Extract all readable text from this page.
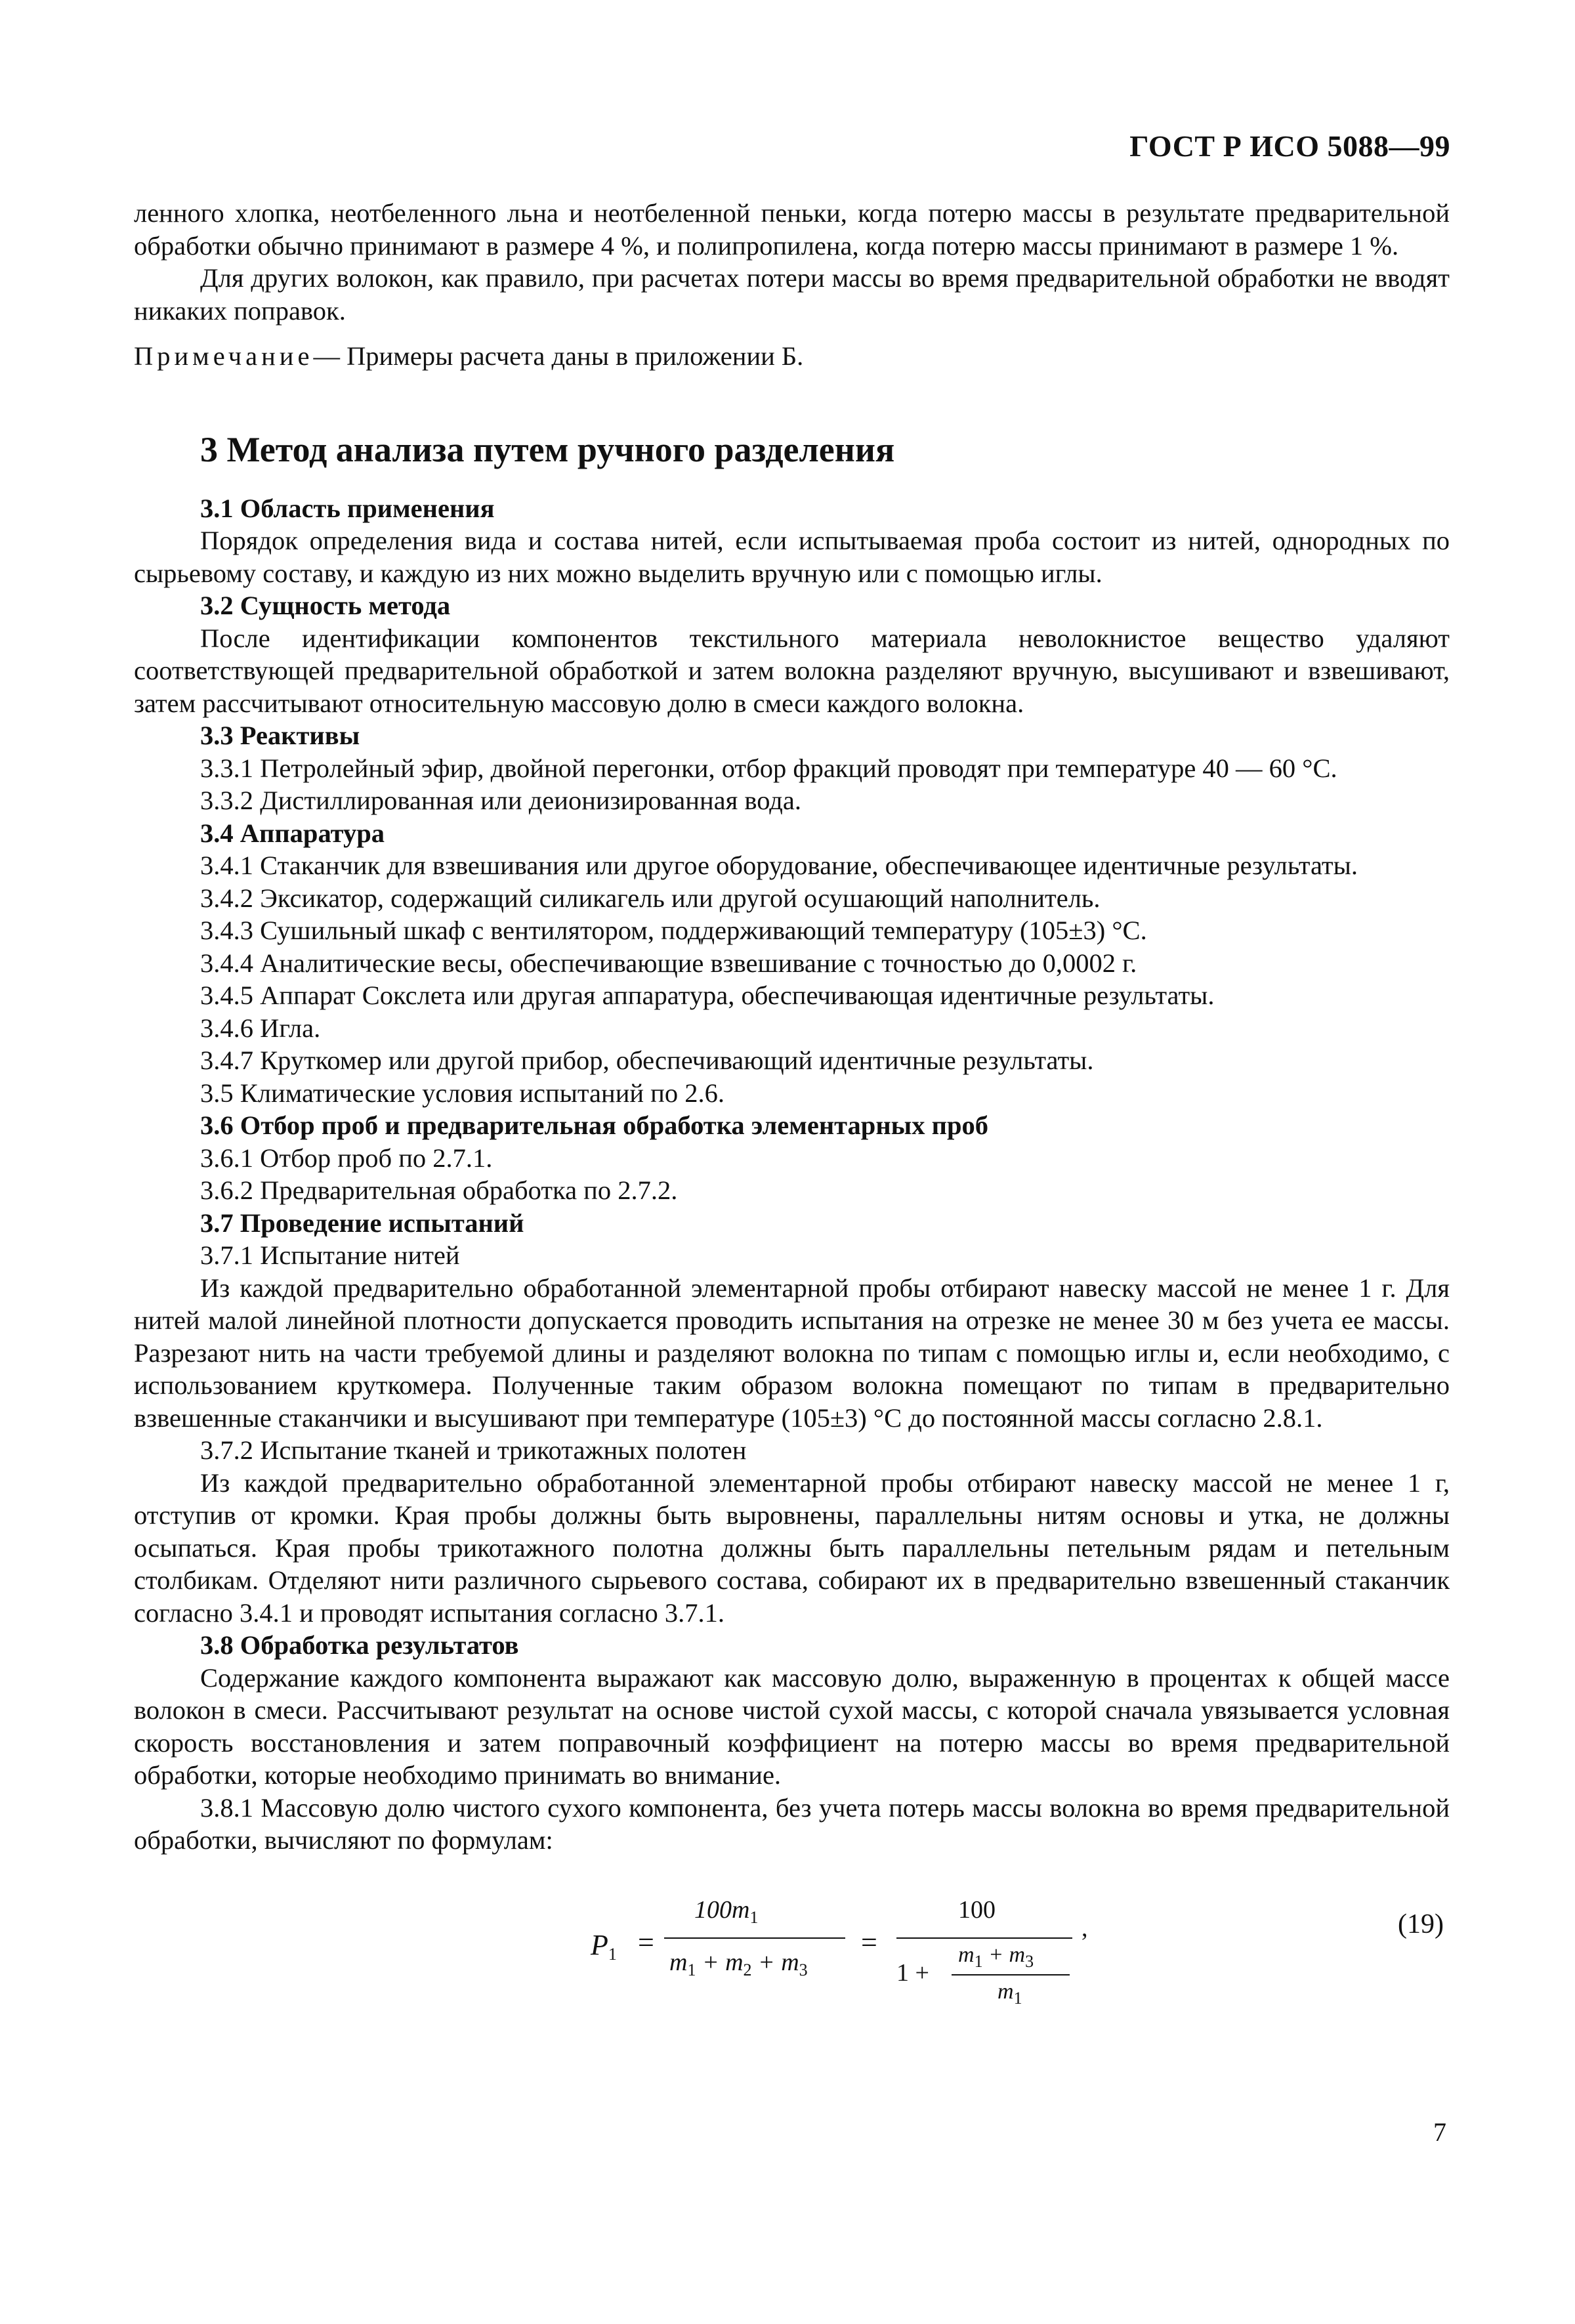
ГОСТ Р ИСО 5088—99

ленного хлопка, неотбеленного льна и неотбеленной пеньки, когда потерю массы в результате предварительной обработки обычно принимают в размере 4 %, и полипропилена, когда потерю массы принимают в размере 1 %.

Для других волокон, как правило, при расчетах потери массы во время предварительной обработки не вводят никаких поправок.

Примечание— Примеры расчета даны в приложении Б.

3 Метод анализа путем ручного разделения

3.1 Область применения

Порядок определения вида и состава нитей, если испытываемая проба состоит из нитей, однородных по сырьевому составу, и каждую из них можно выделить вручную или с помощью иглы.

3.2 Сущность метода

После идентификации компонентов текстильного материала неволокнистое вещество удаляют соответствующей предварительной обработкой и затем волокна разделяют вручную, высушивают и взвешивают, затем рассчитывают относительную массовую долю в смеси каждого волокна.

3.3 Реактивы

3.3.1 Петролейный эфир, двойной перегонки, отбор фракций проводят при температуре 40 — 60 °С.

3.3.2 Дистиллированная или деионизированная вода.

3.4 Аппаратура

3.4.1 Стаканчик для взвешивания или другое оборудование, обеспечивающее идентичные результаты.

3.4.2 Эксикатор, содержащий силикагель или другой осушающий наполнитель.

3.4.3 Сушильный шкаф с вентилятором, поддерживающий температуру (105±3) °С.

3.4.4 Аналитические весы, обеспечивающие взвешивание с точностью до 0,0002 г.

3.4.5 Аппарат Сокслета или другая аппаратура, обеспечивающая идентичные результаты.

3.4.6 Игла.

3.4.7 Круткомер или другой прибор, обеспечивающий идентичные результаты.

3.5 Климатические условия испытаний по 2.6.

3.6 Отбор проб и предварительная обработка элементарных проб

3.6.1 Отбор проб по 2.7.1.

3.6.2 Предварительная обработка по 2.7.2.

3.7 Проведение испытаний

3.7.1 Испытание нитей

Из каждой предварительно обработанной элементарной пробы отбирают навеску массой не менее 1 г. Для нитей малой линейной плотности допускается проводить испытания на отрезке не менее 30 м без учета ее массы. Разрезают нить на части требуемой длины и разделяют волокна по типам с помощью иглы и, если необходимо, с использованием круткомера. Полученные таким образом волокна помещают по типам в предварительно взвешенные стаканчики и высушивают при температуре (105±3) °С до постоянной массы согласно 2.8.1.

3.7.2 Испытание тканей и трикотажных полотен

Из каждой предварительно обработанной элементарной пробы отбирают навеску массой не менее 1 г, отступив от кромки. Края пробы должны быть выровнены, параллельны нитям основы и утка, не должны осыпаться. Края пробы трикотажного полотна должны быть параллельны петельным рядам и петельным столбикам. Отделяют нити различного сырьевого состава, собирают их в предварительно взвешенный стаканчик согласно 3.4.1 и проводят испытания согласно 3.7.1.

3.8 Обработка результатов

Содержание каждого компонента выражают как массовую долю, выраженную в процентах к общей массе волокон в смеси. Рассчитывают результат на основе чистой сухой массы, с которой сначала увязывается условная скорость восстановления и затем поправочный коэффициент на потерю массы во время предварительной обработки, которые необходимо принимать во внимание.

3.8.1 Массовую долю чистого сухого компонента, без учета потерь массы волокна во время предварительной обработки, вычисляют по формулам:

$P_1$ =
$100m_1$
$m_1 + m_2 + m_3$
=
100
1 +
$m_1 + m_3$
$m_1$
,	(19)
7
